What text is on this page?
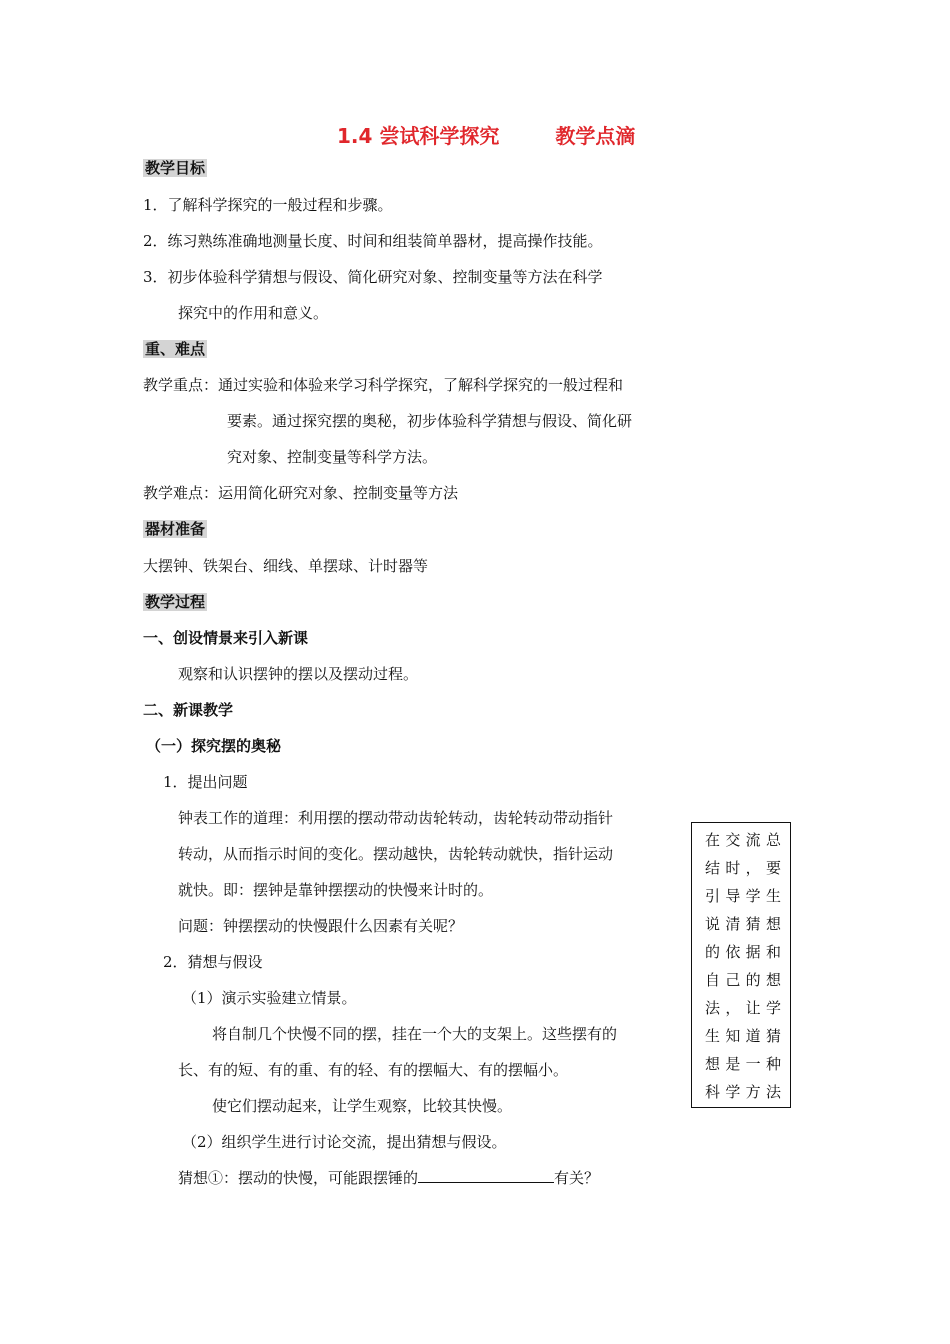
1.4 尝试科学探究	教学点滴
教学目标
1．了解科学探究的一般过程和步骤。
2．练习熟练准确地测量长度、时间和组装简单器材，提高操作技能。
3．初步体验科学猜想与假设、简化研究对象、控制变量等方法在科学
探究中的作用和意义。
重、难点
教学重点：通过实验和体验来学习科学探究，了解科学探究的一般过程和
要素。通过探究摆的奥秘，初步体验科学猜想与假设、简化研
究对象、控制变量等科学方法。
教学难点：运用简化研究对象、控制变量等方法
器材准备
大摆钟、铁架台、细线、单摆球、计时器等
教学过程
一、创设情景来引入新课
观察和认识摆钟的摆以及摆动过程。
二、新课教学
（一）探究摆的奥秘
1．提出问题
钟表工作的道理：利用摆的摆动带动齿轮转动，齿轮转动带动指针
转动，从而指示时间的变化。摆动越快，齿轮转动就快，指针运动
就快。即：摆钟是靠钟摆摆动的快慢来计时的。
问题：钟摆摆动的快慢跟什么因素有关呢？
2．猜想与假设
（1）演示实验建立情景。
将自制几个快慢不同的摆，挂在一个大的支架上。这些摆有的
长、有的短、有的重、有的轻、有的摆幅大、有的摆幅小。
使它们摆动起来，让学生观察，比较其快慢。
（2）组织学生进行讨论交流，提出猜想与假设。
猜想①：摆动的快慢，可能跟摆锤的	有关？
在交流总
结时，要
引导学生
说清猜想
的依据和
自己的想
法，让学
生知道猜
想是一种
科学方法
